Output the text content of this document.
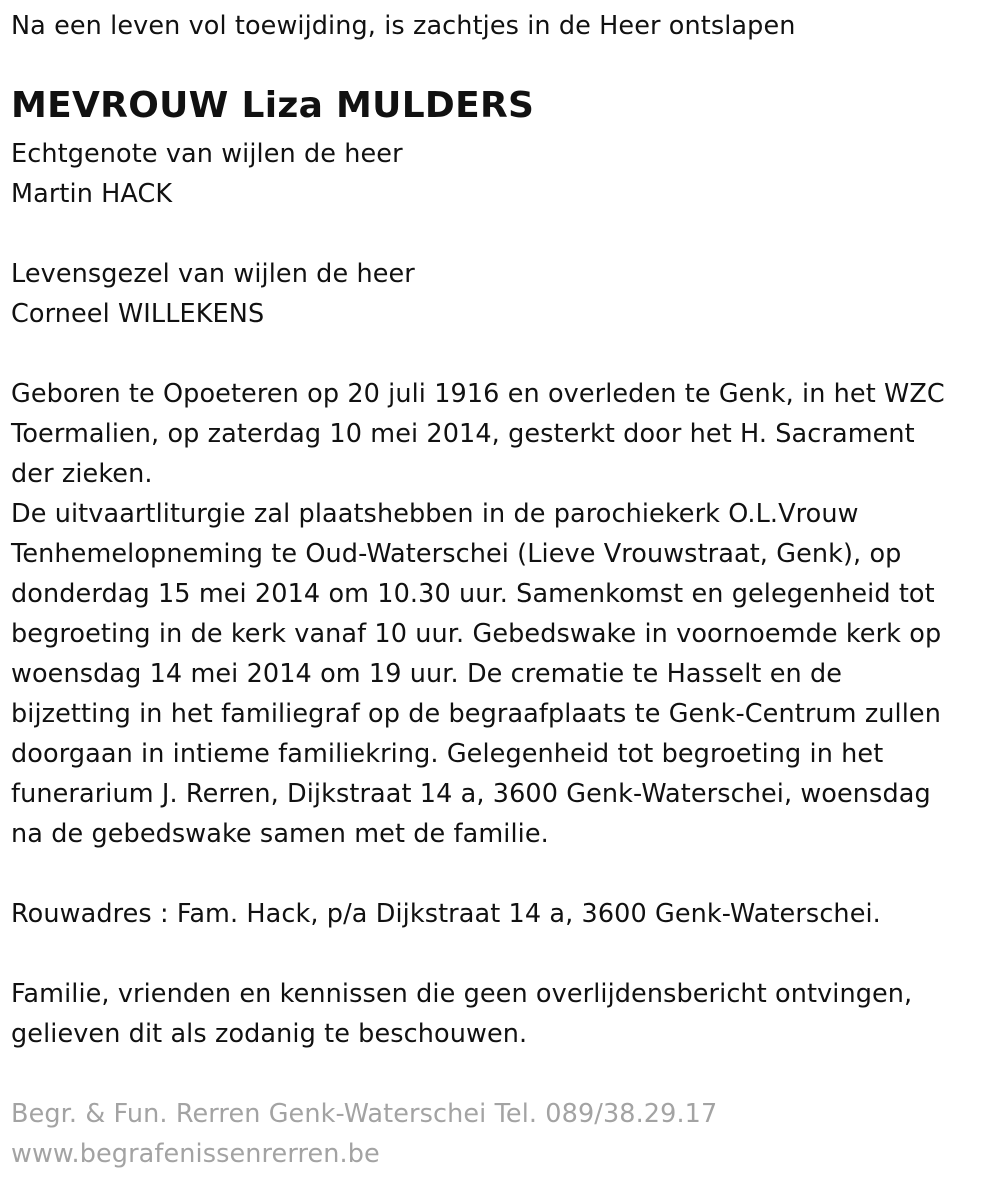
Na een leven vol toewijding, is zachtjes in de Heer ontslapen
MEVROUW Liza MULDERS
Echtgenote van wijlen de heer
Martin HACK
Levensgezel van wijlen de heer
Corneel WILLEKENS
Geboren te Opoeteren op 20 juli 1916 en overleden te Genk, in het WZC
Toermalien, op zaterdag 10 mei 2014, gesterkt door het H. Sacrament
der zieken.
De uitvaartliturgie zal plaatshebben in de parochiekerk O.L.Vrouw
Tenhemelopneming te Oud-Waterschei (Lieve Vrouwstraat, Genk), op
donderdag 15 mei 2014 om 10.30 uur. Samenkomst en gelegenheid tot
begroeting in de kerk vanaf 10 uur. Gebedswake in voornoemde kerk op
woensdag 14 mei 2014 om 19 uur. De crematie te Hasselt en de
bijzetting in het familiegraf op de begraafplaats te Genk-Centrum zullen
doorgaan in intieme familiekring. Gelegenheid tot begroeting in het
funerarium J. Rerren, Dijkstraat 14 a, 3600 Genk-Waterschei, woensdag
na de gebedswake samen met de familie.
Rouwadres : Fam. Hack, p/a Dijkstraat 14 a, 3600 Genk-Waterschei.
Familie, vrienden en kennissen die geen overlijdensbericht ontvingen,
gelieven dit als zodanig te beschouwen.
Begr. & Fun. Rerren Genk-Waterschei Tel. 089/38.29.17
www.begrafenissenrerren.be
